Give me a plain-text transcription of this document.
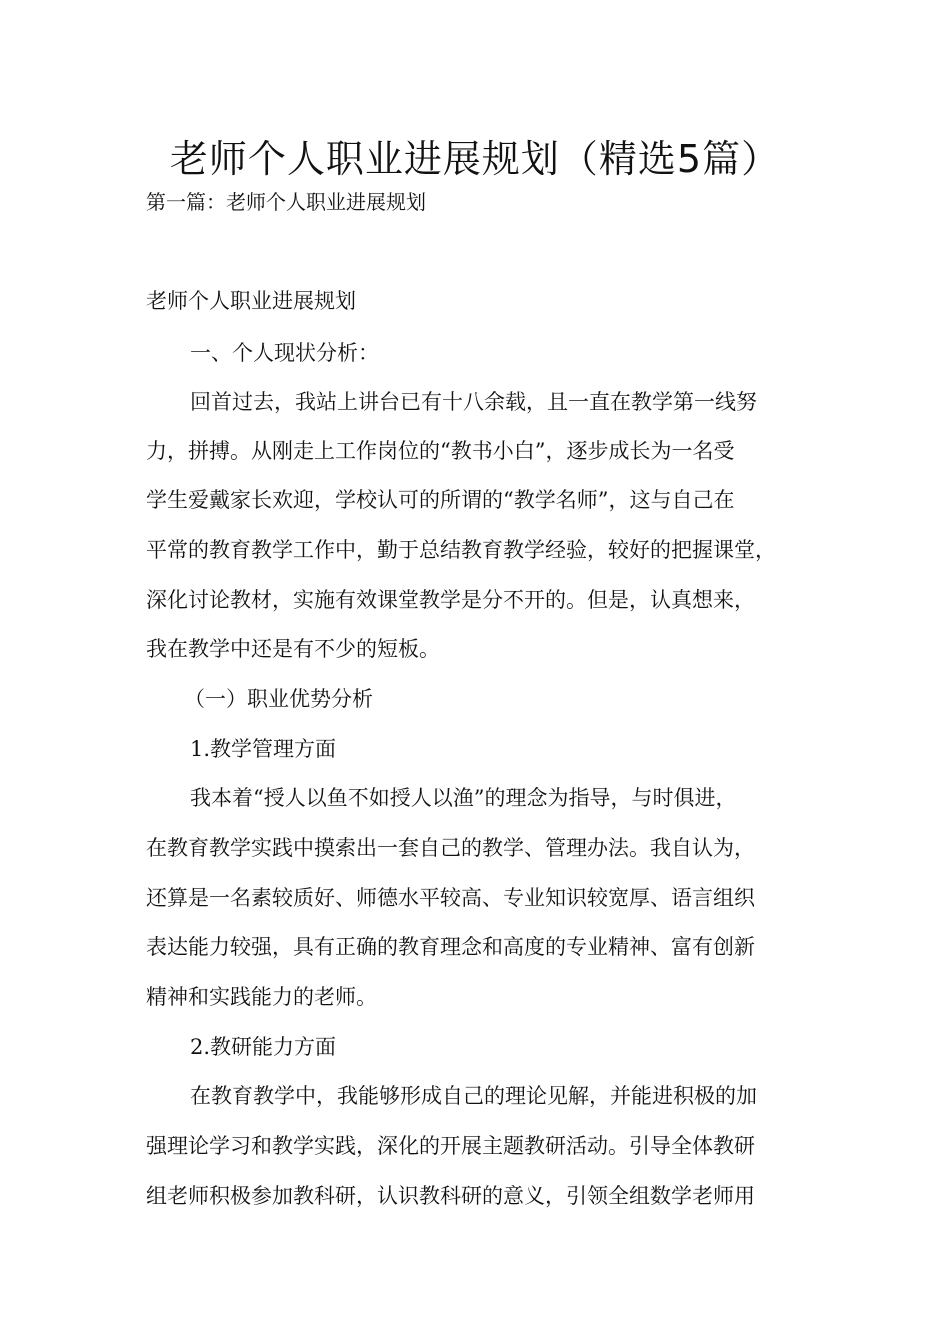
老师个人职业进展规划（精选5篇）

第一篇：老师个人职业进展规划

老师个人职业进展规划

一、个人现状分析：

回首过去，我站上讲台已有十八余载，且一直在教学第一线努

力，拼搏。从刚走上工作岗位的“教书小白”，逐步成长为一名受

学生爱戴家长欢迎，学校认可的所谓的“教学名师”，这与自己在

平常的教育教学工作中，勤于总结教育教学经验，较好的把握课堂，

深化讨论教材，实施有效课堂教学是分不开的。但是，认真想来，

我在教学中还是有不少的短板。

（一）职业优势分析

1.教学管理方面

我本着“授人以鱼不如授人以渔”的理念为指导，与时俱进，

在教育教学实践中摸索出一套自己的教学、管理办法。我自认为，

还算是一名素较质好、师德水平较高、专业知识较宽厚、语言组织

表达能力较强，具有正确的教育理念和高度的专业精神、富有创新

精神和实践能力的老师。

2.教研能力方面

在教育教学中，我能够形成自己的理论见解，并能进积极的加

强理论学习和教学实践，深化的开展主题教研活动。引导全体教研

组老师积极参加教科研，认识教科研的意义，引领全组数学老师用
